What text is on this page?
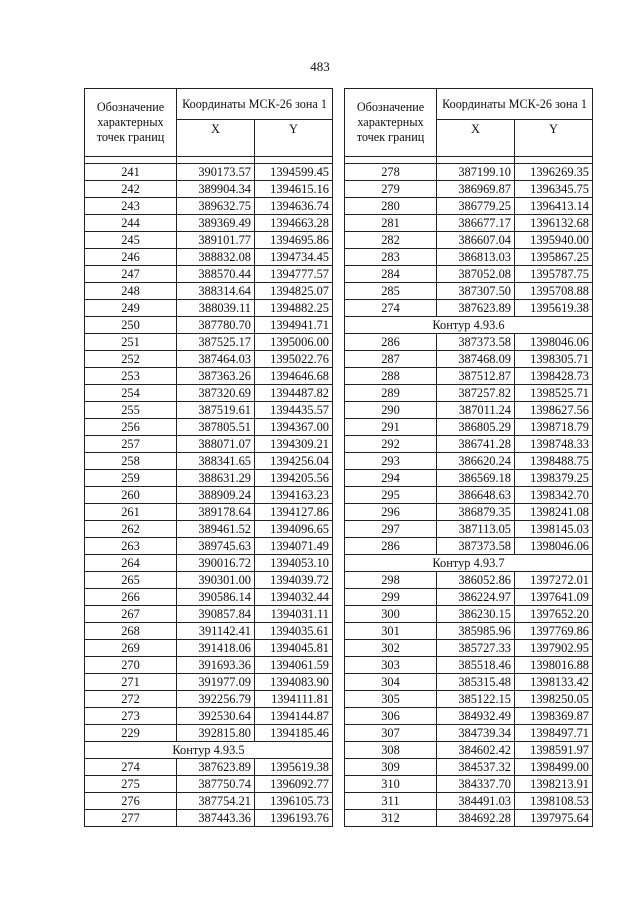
483
Обозначение характерных точек границ	Координаты МСК-26 зона 1	
	X	Y

241	390173.57	1394599.45
242	389904.34	1394615.16
243	389632.75	1394636.74
244	389369.49	1394663.28
245	389101.77	1394695.86
246	388832.08	1394734.45
247	388570.44	1394777.57
248	388314.64	1394825.07
249	388039.11	1394882.25
250	387780.70	1394941.71
251	387525.17	1395006.00
252	387464.03	1395022.76
253	387363.26	1394646.68
254	387320.69	1394487.82
255	387519.61	1394435.57
256	387805.51	1394367.00
257	388071.07	1394309.21
258	388341.65	1394256.04
259	388631.29	1394205.56
260	388909.24	1394163.23
261	389178.64	1394127.86
262	389461.52	1394096.65
263	389745.63	1394071.49
264	390016.72	1394053.10
265	390301.00	1394039.72
266	390586.14	1394032.44
267	390857.84	1394031.11
268	391142.41	1394035.61
269	391418.06	1394045.81
270	391693.36	1394061.59
271	391977.09	1394083.90
272	392256.79	1394111.81
273	392530.64	1394144.87
229	392815.80	1394185.46
Контур 4.93.5		
274	387623.89	1395619.38
275	387750.74	1396092.77
276	387754.21	1396105.73
277	387443.36	1396193.76
Обозначение характерных точек границ	Координаты МСК-26 зона 1	
	X	Y

278	387199.10	1396269.35
279	386969.87	1396345.75
280	386779.25	1396413.14
281	386677.17	1396132.68
282	386607.04	1395940.00
283	386813.03	1395867.25
284	387052.08	1395787.75
285	387307.50	1395708.88
274	387623.89	1395619.38
Контур 4.93.6		
286	387373.58	1398046.06
287	387468.09	1398305.71
288	387512.87	1398428.73
289	387257.82	1398525.71
290	387011.24	1398627.56
291	386805.29	1398718.79
292	386741.28	1398748.33
293	386620.24	1398488.75
294	386569.18	1398379.25
295	386648.63	1398342.70
296	386879.35	1398241.08
297	387113.05	1398145.03
286	387373.58	1398046.06
Контур 4.93.7		
298	386052.86	1397272.01
299	386224.97	1397641.09
300	386230.15	1397652.20
301	385985.96	1397769.86
302	385727.33	1397902.95
303	385518.46	1398016.88
304	385315.48	1398133.42
305	385122.15	1398250.05
306	384932.49	1398369.87
307	384739.34	1398497.71
308	384602.42	1398591.97
309	384537.32	1398499.00
310	384337.70	1398213.91
311	384491.03	1398108.53
312	384692.28	1397975.64
